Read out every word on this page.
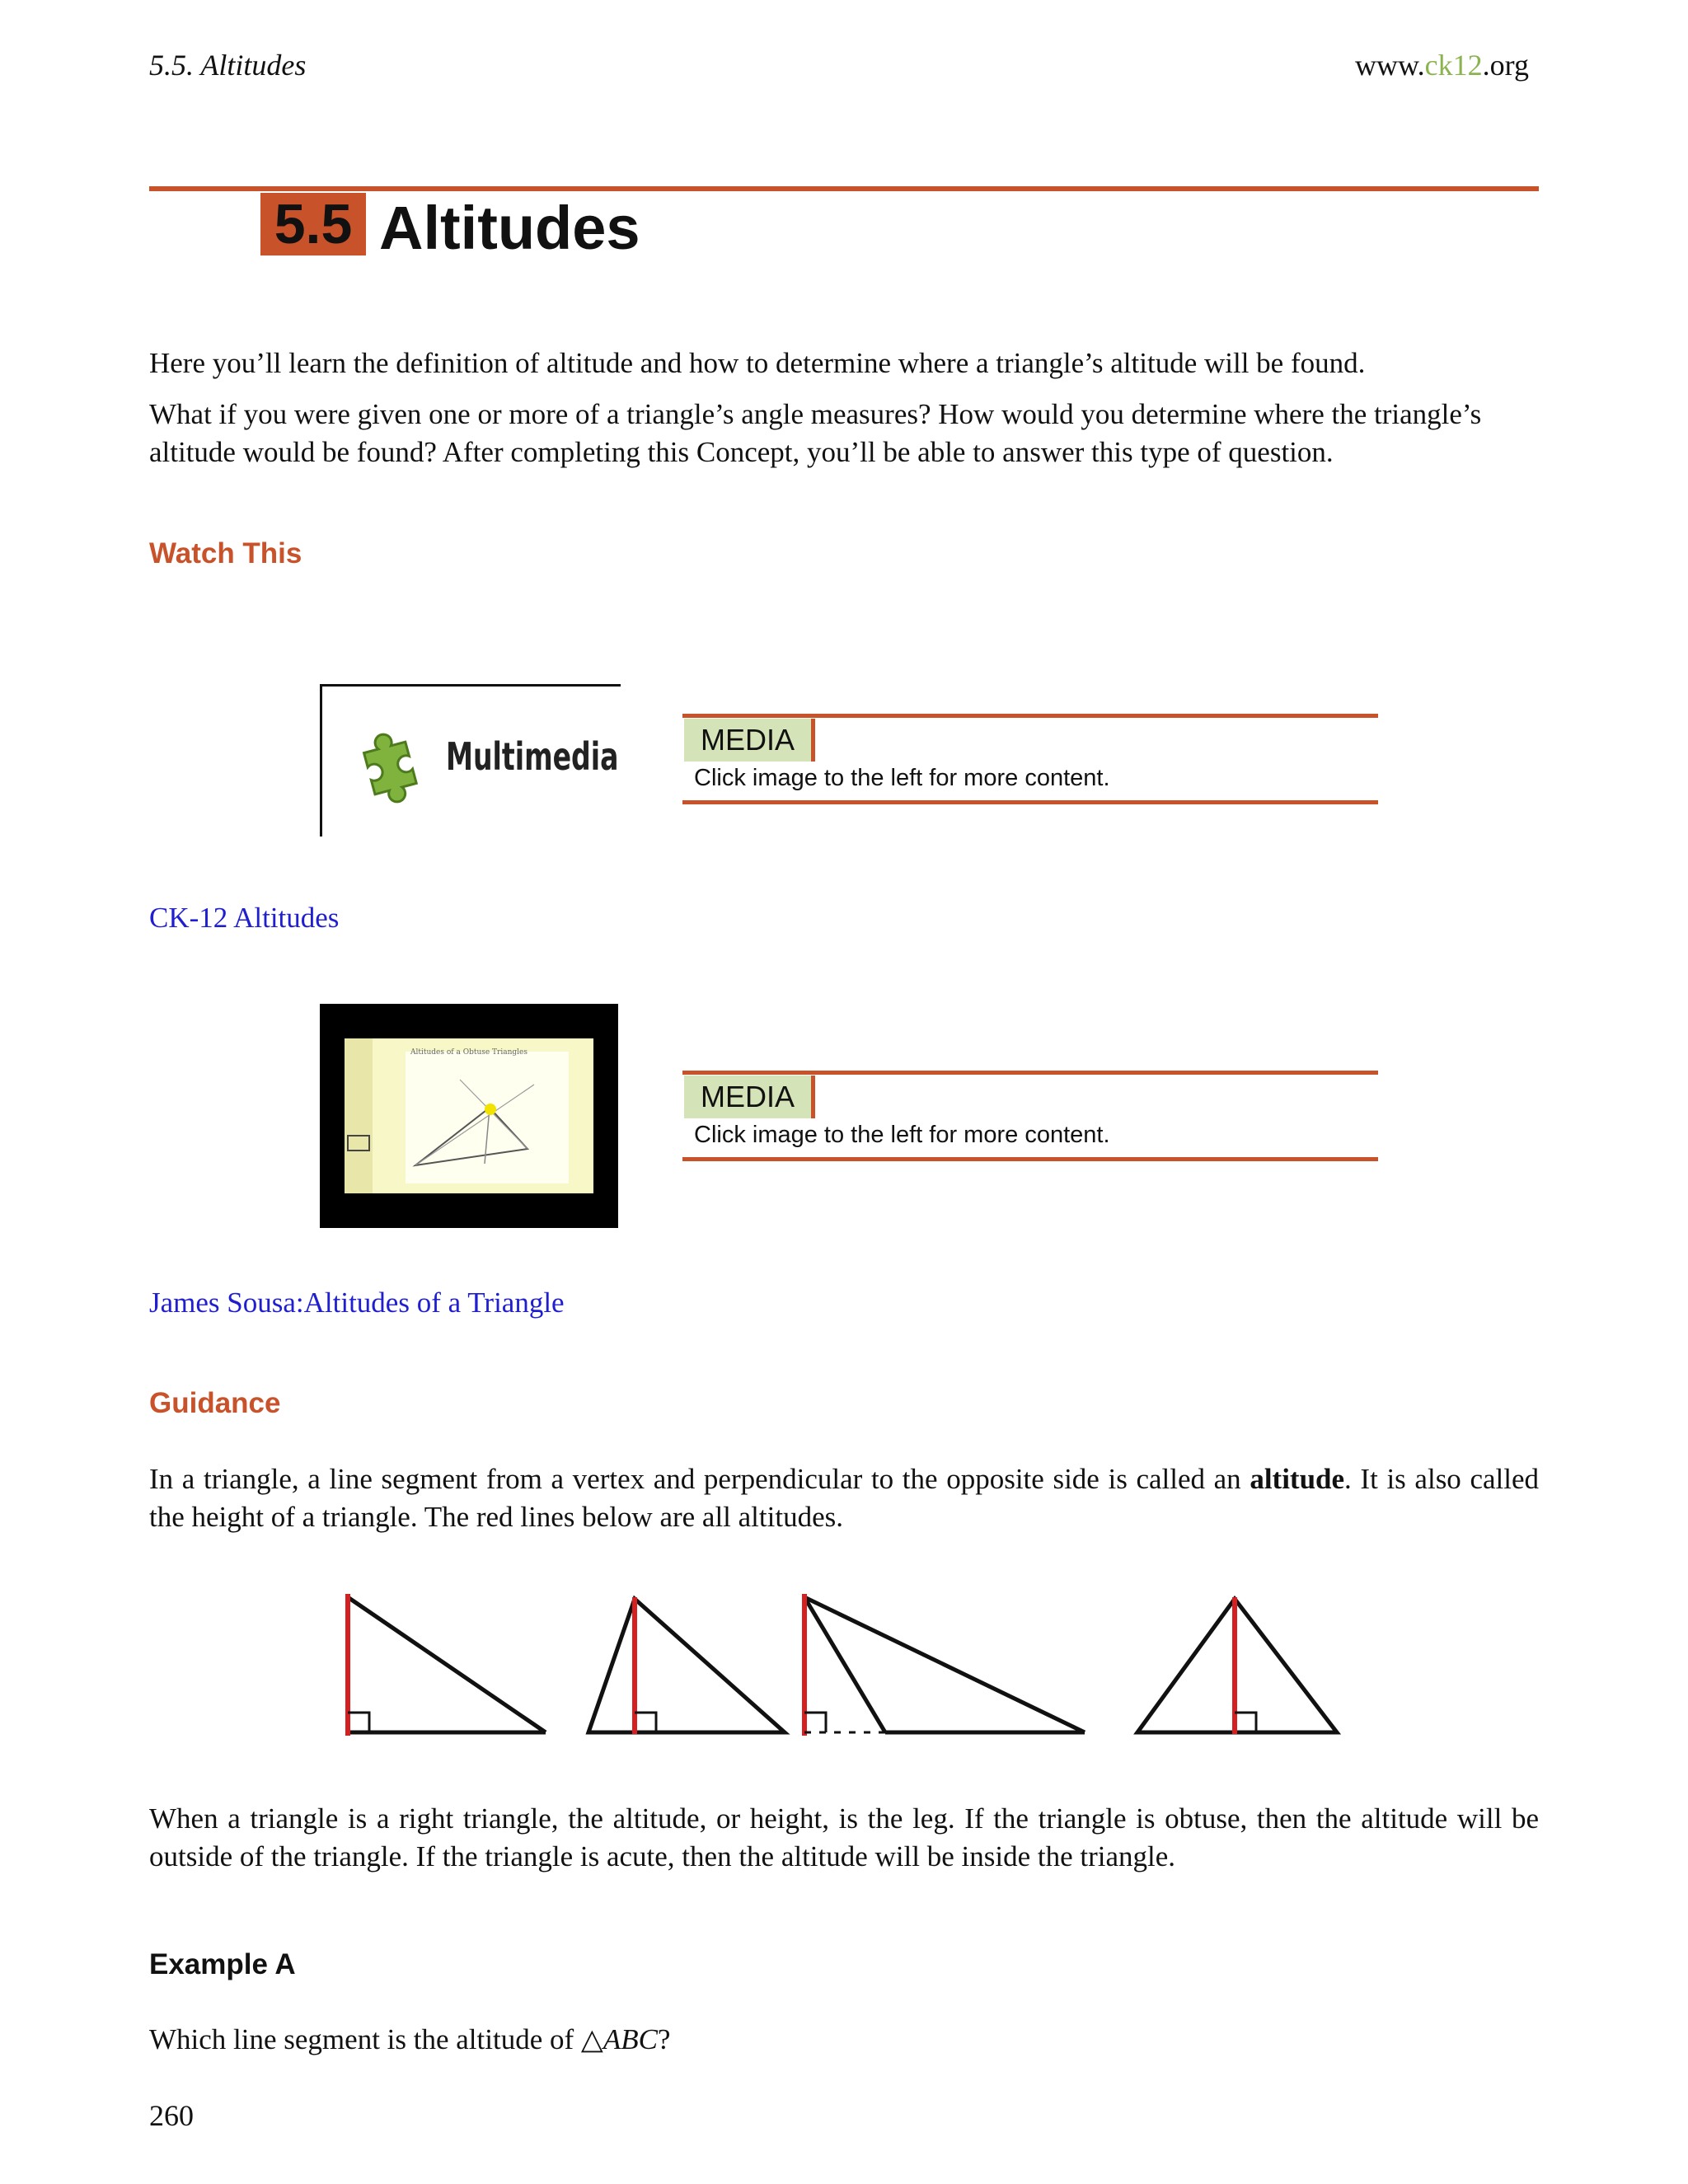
5.5. Altitudes	www.ck12.org
5.5 Altitudes
Here you’ll learn the definition of altitude and how to determine where a triangle’s altitude will be found.
What if you were given one or more of a triangle’s angle measures? How would you determine where the triangle’s altitude would be found? After completing this Concept, you’ll be able to answer this type of question.
Watch This
Multimedia	MEDIA
Click image to the left for more content.
CK-12 Altitudes
Altitudes of a Obtuse Triangles
MEDIA
Click image to the left for more content.
James Sousa:Altitudes of a Triangle
Guidance
In a triangle, a line segment from a vertex and perpendicular to the opposite side is called an altitude. It is also called the height of a triangle. The red lines below are all altitudes.
When a triangle is a right triangle, the altitude, or height, is the leg. If the triangle is obtuse, then the altitude will be outside of the triangle. If the triangle is acute, then the altitude will be inside the triangle.
Example A
Which line segment is the altitude of △ABC?
260
